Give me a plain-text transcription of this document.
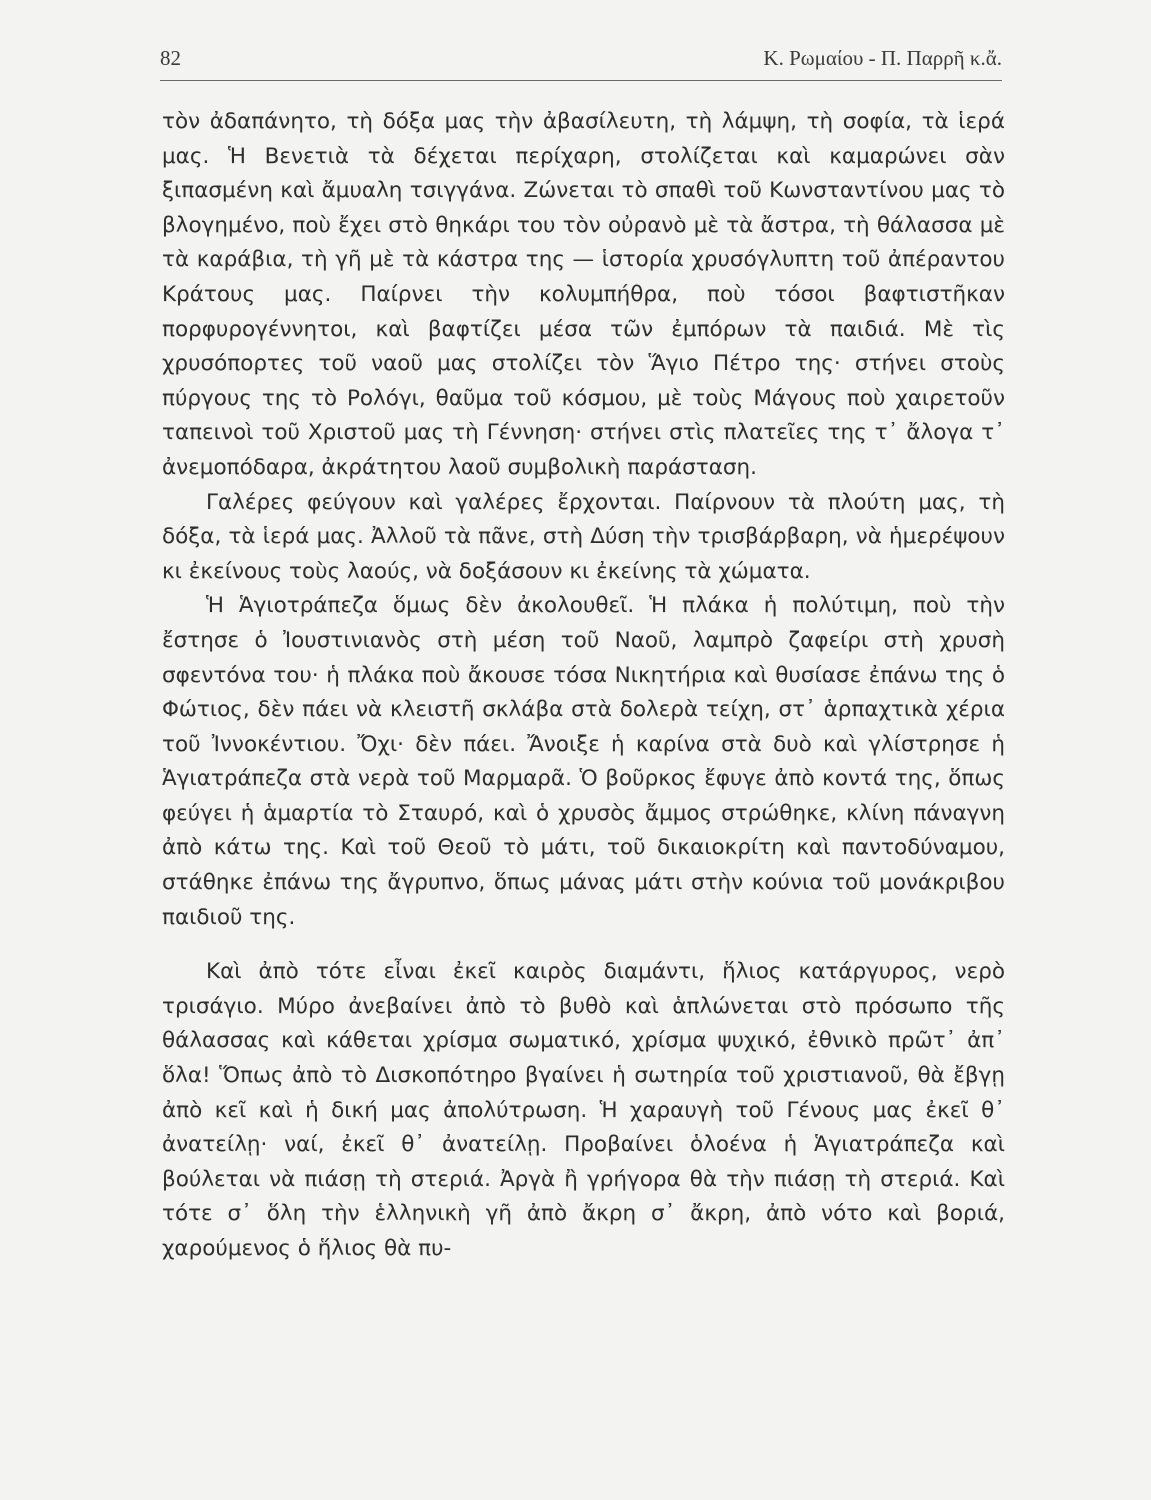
82	Κ. Ρωμαίου - Π. Παρρῆ κ.ἄ.

τὸν ἀδαπάνητο, τὴ δόξα μας τὴν ἀβασίλευτη, τὴ λάμψη, τὴ σοφία, τὰ ἱερά μας. Ἡ Βενετιὰ τὰ δέχεται περίχαρη, στολίζεται καὶ καμαρώνει σὰν ξιπασμένη καὶ ἄμυαλη τσιγγάνα. Ζώνεται τὸ σπαθὶ τοῦ Κωνσταντίνου μας τὸ βλογημένο, ποὺ ἔχει στὸ θηκάρι του τὸν οὐρανὸ μὲ τὰ ἄστρα, τὴ θάλασσα μὲ τὰ καράβια, τὴ γῆ μὲ τὰ κάστρα της — ἱστορία χρυσόγλυπτη τοῦ ἀπέραντου Κράτους μας. Παίρνει τὴν κολυμπήθρα, ποὺ τόσοι βαφτιστῆκαν πορφυρογέννητοι, καὶ βαφτίζει μέσα τῶν ἐμπόρων τὰ παιδιά. Μὲ τὶς χρυσόπορτες τοῦ ναοῦ μας στολίζει τὸν Ἅγιο Πέτρο της· στήνει στοὺς πύργους της τὸ Ρολόγι, θαῦμα τοῦ κόσμου, μὲ τοὺς Μάγους ποὺ χαιρετοῦν ταπεινοὶ τοῦ Χριστοῦ μας τὴ Γέννηση· στήνει στὶς πλατεῖες της τ᾿ ἄλογα τ᾿ ἀνεμοπόδαρα, ἀκράτητου λαοῦ συμβολικὴ παράσταση.

Γαλέρες φεύγουν καὶ γαλέρες ἔρχονται. Παίρνουν τὰ πλούτη μας, τὴ δόξα, τὰ ἱερά μας. Ἀλλοῦ τὰ πᾶνε, στὴ Δύση τὴν τρισβάρβαρη, νὰ ἡμερέψουν κι ἐκείνους τοὺς λαούς, νὰ δοξάσουν κι ἐκείνης τὰ χώματα.

Ἡ Ἁγιοτράπεζα ὅμως δὲν ἀκολουθεῖ. Ἡ πλάκα ἡ πολύτιμη, ποὺ τὴν ἔστησε ὁ Ἰουστινιανὸς στὴ μέση τοῦ Ναοῦ, λαμπρὸ ζαφείρι στὴ χρυσὴ σφεντόνα του· ἡ πλάκα ποὺ ἄκουσε τόσα Νικητήρια καὶ θυσίασε ἐπάνω της ὁ Φώτιος, δὲν πάει νὰ κλειστῆ σκλάβα στὰ δολερὰ τείχη, στ᾿ ἁρπαχτικὰ χέρια τοῦ Ἰννοκέντιου. Ὄχι· δὲν πάει. Ἄνοιξε ἡ καρίνα στὰ δυὸ καὶ γλίστρησε ἡ Ἁγιατράπεζα στὰ νερὰ τοῦ Μαρμαρᾶ. Ὁ βοῦρκος ἔφυγε ἀπὸ κοντά της, ὅπως φεύγει ἡ ἁμαρτία τὸ Σταυρό, καὶ ὁ χρυσὸς ἄμμος στρώθηκε, κλίνη πάναγνη ἀπὸ κάτω της. Καὶ τοῦ Θεοῦ τὸ μάτι, τοῦ δικαιοκρίτη καὶ παντοδύναμου, στάθηκε ἐπάνω της ἄγρυπνο, ὅπως μάνας μάτι στὴν κούνια τοῦ μονάκριβου παιδιοῦ της.

Καὶ ἀπὸ τότε εἶναι ἐκεῖ καιρὸς διαμάντι, ἥλιος κατάργυρος, νερὸ τρισάγιο. Μύρο ἀνεβαίνει ἀπὸ τὸ βυθὸ καὶ ἁπλώνεται στὸ πρόσωπο τῆς θάλασσας καὶ κάθεται χρίσμα σωματικό, χρίσμα ψυχικό, ἐθνικὸ πρῶτ᾿ ἀπ᾿ ὅλα! Ὅπως ἀπὸ τὸ Δισκοπότηρο βγαίνει ἡ σωτηρία τοῦ χριστιανοῦ, θὰ ἔβγῃ ἀπὸ κεῖ καὶ ἡ δική μας ἀπολύτρωση. Ἡ χαραυγὴ τοῦ Γένους μας ἐκεῖ θ᾿ ἀνατείλῃ· ναί, ἐκεῖ θ᾿ ἀνατείλῃ. Προβαίνει ὁλοένα ἡ Ἁγιατράπεζα καὶ βούλεται νὰ πιάσῃ τὴ στεριά. Ἀργὰ ἢ γρήγορα θὰ τὴν πιάσῃ τὴ στεριά. Καὶ τότε σ᾿ ὅλη τὴν ἑλληνικὴ γῆ ἀπὸ ἄκρη σ᾿ ἄκρη, ἀπὸ νότο καὶ βοριά, χαρούμενος ὁ ἥλιος θὰ πυ-
